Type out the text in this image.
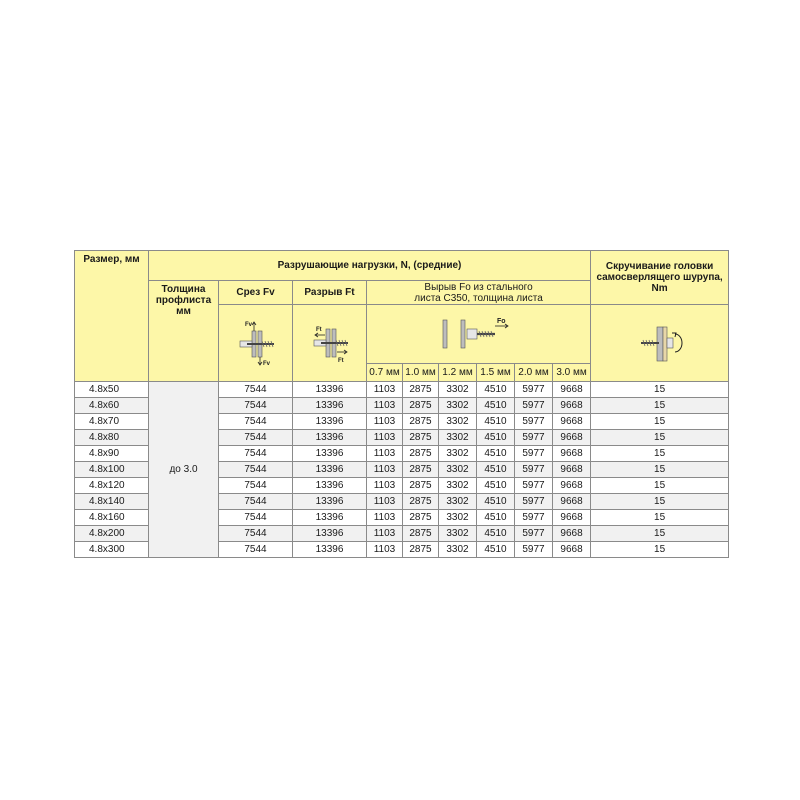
Размер, мм	Разрушающие нагрузки, N, (средние)									Скручивание головки
самосверлящего шурупа, Nm

	Толщина
профлиста
мм	Срез Fv	Разрыв Ft	Вырыв Fo из стального
листа C350, толщина листа						

Fv
Fv	Ft
Ft	Fo

				0.7 мм	1.0 мм	1.2 мм	1.5 мм	2.0 мм	3.0 мм	
4.8x50	до 3.0	7544	13396	1103	2875	3302	4510	5977	9668	15
4.8x60		7544	13396	1103	2875	3302	4510	5977	9668	15
4.8x70		7544	13396	1103	2875	3302	4510	5977	9668	15
4.8x80		7544	13396	1103	2875	3302	4510	5977	9668	15
4.8x90		7544	13396	1103	2875	3302	4510	5977	9668	15
4.8x100		7544	13396	1103	2875	3302	4510	5977	9668	15
4.8x120		7544	13396	1103	2875	3302	4510	5977	9668	15
4.8x140		7544	13396	1103	2875	3302	4510	5977	9668	15
4.8x160		7544	13396	1103	2875	3302	4510	5977	9668	15
4.8x200		7544	13396	1103	2875	3302	4510	5977	9668	15
4.8x300		7544	13396	1103	2875	3302	4510	5977	9668	15
